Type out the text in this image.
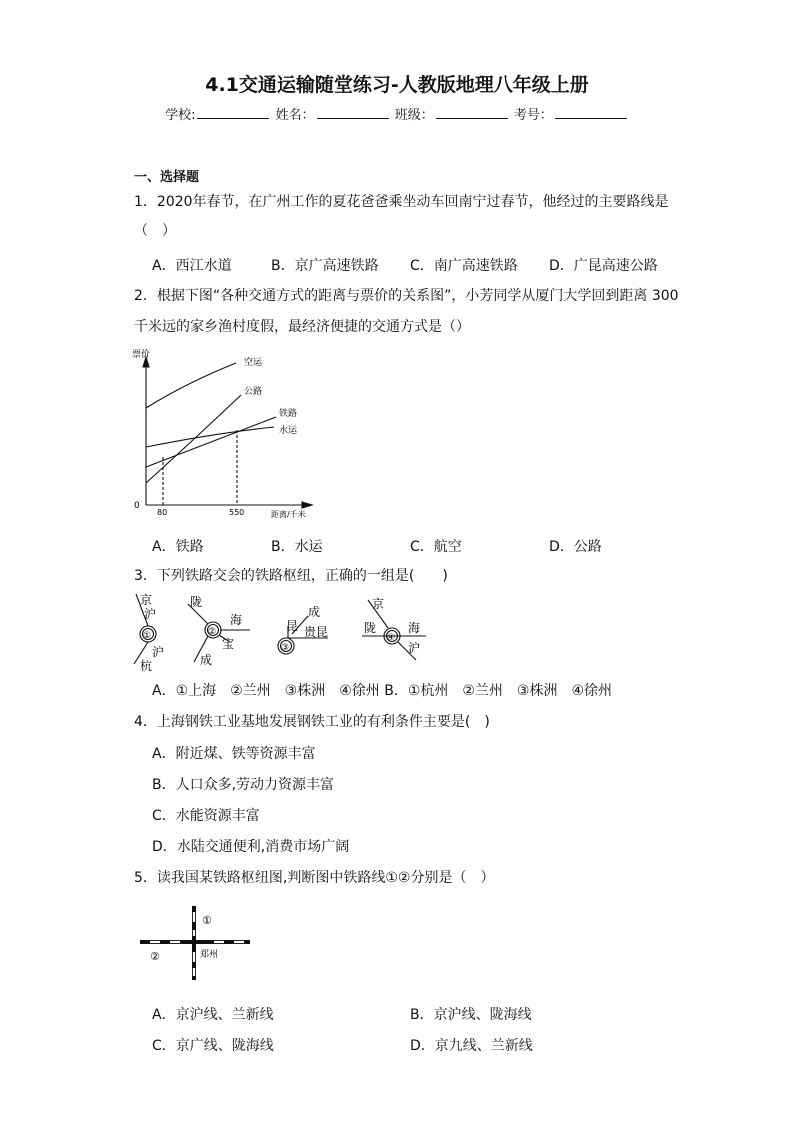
4.1交通运输随堂练习-人教版地理八年级上册
学校:	姓名：	班级：	考号：
一、选择题
1．2020年春节，在广州工作的夏花爸爸乘坐动车回南宁过春节，他经过的主要路线是
（　）
A．西江水道	B．京广高速铁路 C．南广高速铁路 D．广昆高速公路
2．根据下图“各种交通方式的距离与票价的关系图”，小芳同学从厦门大学回到距离 300
千米远的家乡渔村度假，最经济便捷的交通方式是（）
票价
0
80	550	距离/千米
空运
公路
铁路
水运
A．铁路	B．水运	C．航空	D．公路
3．下列铁路交会的铁路枢纽，正确的一组是(　　)
①
京
沪
沪
杭
②
陇
海
宝
成
③
成
昆 贵昆	④
京
陇	海
沪
A．①上海　②兰州　③株洲　④徐州 B．①杭州　②兰州　③株洲　④徐州
4．上海钢铁工业基地发展钢铁工业的有利条件主要是(　)
A．附近煤、铁等资源丰富
B．人口众多,劳动力资源丰富
C．水能资源丰富
D．水陆交通便利,消费市场广阔
5．读我国某铁路枢纽图,判断图中铁路线①②分别是（　）
①
②	郑州
A．京沪线、兰新线	B．京沪线、陇海线
C．京广线、陇海线	D．京九线、兰新线
